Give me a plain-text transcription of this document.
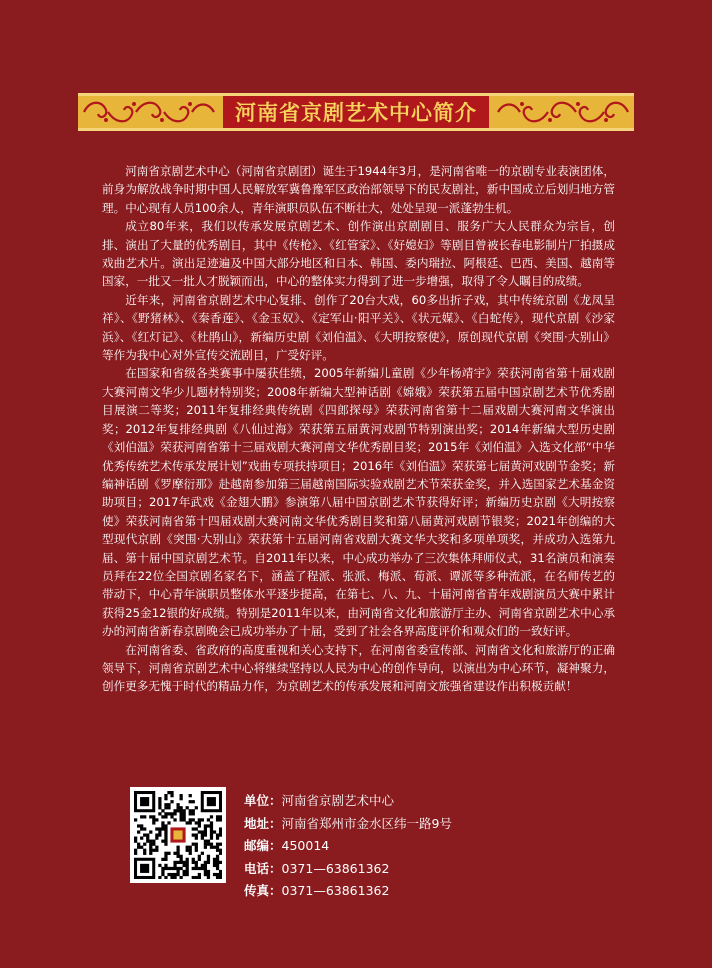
河南省京剧艺术中心简介

河南省京剧艺术中心（河南省京剧团）诞生于1944年3月，是河南省唯一的京剧专业表演团体，前身为解放战争时期中国人民解放军冀鲁豫军区政治部领导下的民友剧社，新中国成立后划归地方管理。中心现有人员100余人，青年演职员队伍不断壮大，处处呈现一派蓬勃生机。

成立80年来，我们以传承发展京剧艺术、创作演出京剧剧目、服务广大人民群众为宗旨，创排、演出了大量的优秀剧目，其中《传枪》、《红管家》、《好媳妇》等剧目曾被长春电影制片厂拍摄成戏曲艺术片。演出足迹遍及中国大部分地区和日本、韩国、委内瑞拉、阿根廷、巴西、美国、越南等国家，一批又一批人才脱颖而出，中心的整体实力得到了进一步增强，取得了令人瞩目的成绩。

近年来，河南省京剧艺术中心复排、创作了20台大戏，60多出折子戏，其中传统京剧《龙凤呈祥》、《野猪林》、《秦香莲》、《金玉奴》、《定军山·阳平关》、《状元媒》、《白蛇传》，现代京剧《沙家浜》、《红灯记》、《杜鹃山》，新编历史剧《刘伯温》、《大明按察使》，原创现代京剧《突围·大别山》等作为我中心对外宣传交流剧目，广受好评。

在国家和省级各类赛事中屡获佳绩，2005年新编儿童剧《少年杨靖宇》荣获河南省第十届戏剧大赛河南文华少儿题材特别奖；2008年新编大型神话剧《嫦娥》荣获第五届中国京剧艺术节优秀剧目展演二等奖；2011年复排经典传统剧《四郎探母》荣获河南省第十二届戏剧大赛河南文华演出奖；2012年复排经典剧《八仙过海》荣获第五届黄河戏剧节特别演出奖；2014年新编大型历史剧《刘伯温》荣获河南省第十三届戏剧大赛河南文华优秀剧目奖；2015年《刘伯温》入选文化部“中华优秀传统艺术传承发展计划”戏曲专项扶持项目；2016年《刘伯温》荣获第七届黄河戏剧节金奖；新编神话剧《罗摩衍那》赴越南参加第三届越南国际实验戏剧艺术节荣获金奖，并入选国家艺术基金资助项目；2017年武戏《金翅大鹏》参演第八届中国京剧艺术节获得好评；新编历史京剧《大明按察使》荣获河南省第十四届戏剧大赛河南文华优秀剧目奖和第八届黄河戏剧节银奖；2021年创编的大型现代京剧《突围·大别山》荣获第十五届河南省戏剧大赛文华大奖和多项单项奖，并成功入选第九届、第十届中国京剧艺术节。自2011年以来，中心成功举办了三次集体拜师仪式，31名演员和演奏员拜在22位全国京剧名家名下，涵盖了程派、张派、梅派、荀派、谭派等多种流派，在名师传艺的带动下，中心青年演职员整体水平逐步提高，在第七、八、九、十届河南省青年戏剧演员大赛中累计获得25金12银的好成绩。特别是2011年以来，由河南省文化和旅游厅主办、河南省京剧艺术中心承办的河南省新春京剧晚会已成功举办了十届，受到了社会各界高度评价和观众们的一致好评。

在河南省委、省政府的高度重视和关心支持下，在河南省委宣传部、河南省文化和旅游厅的正确领导下，河南省京剧艺术中心将继续坚持以人民为中心的创作导向，以演出为中心环节，凝神聚力，创作更多无愧于时代的精品力作，为京剧艺术的传承发展和河南文旅强省建设作出积极贡献！

单位：河南省京剧艺术中心
地址：河南省郑州市金水区纬一路9号
邮编：450014
电话：0371—63861362
传真：0371—63861362
